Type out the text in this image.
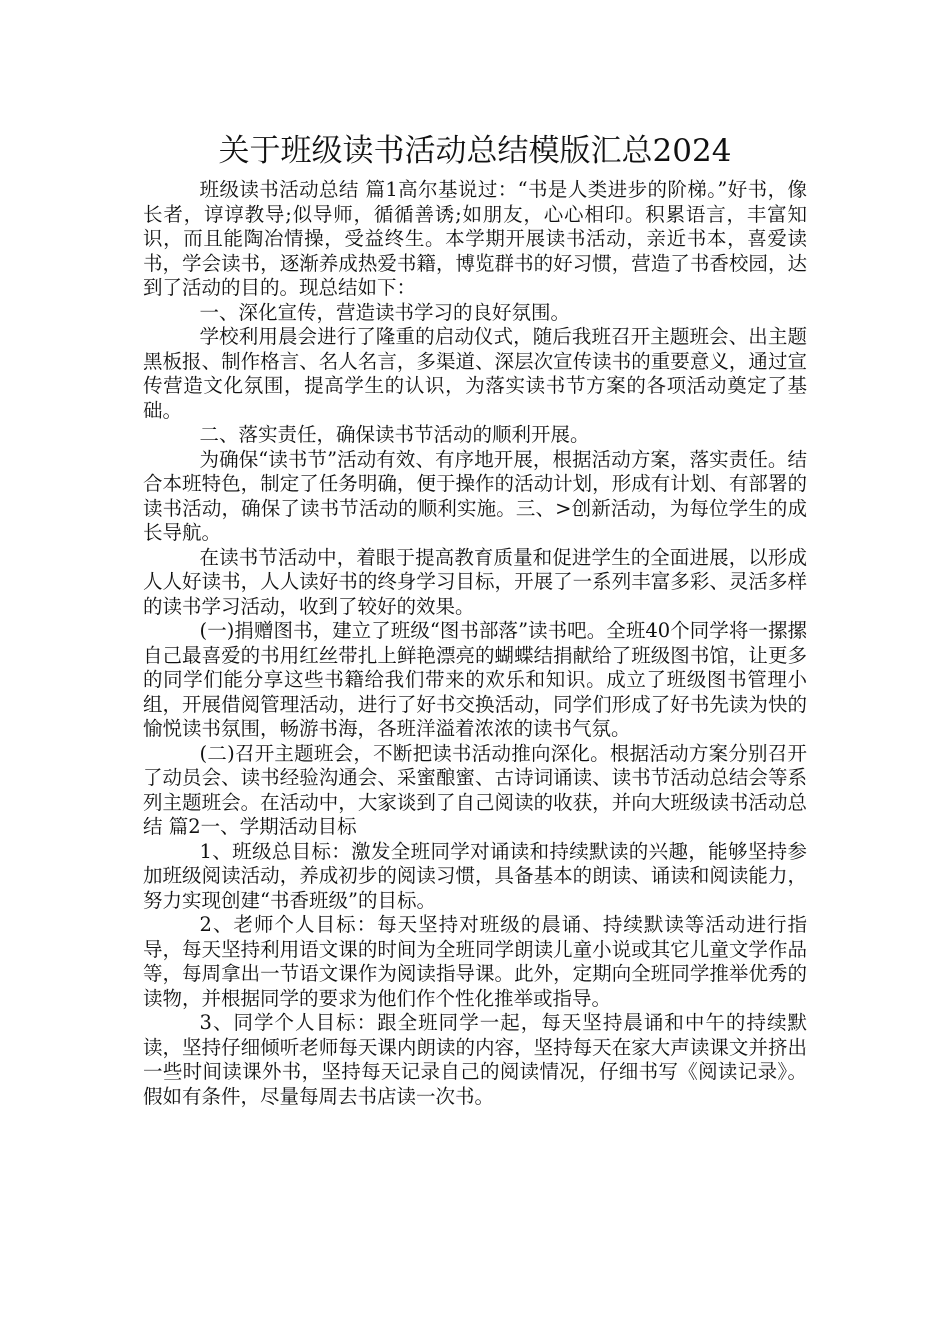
关于班级读书活动总结模版汇总2024

班级读书活动总结 篇1高尔基说过：“书是人类进步的阶梯。”好书，像长者，谆谆教导;似导师，循循善诱;如朋友，心心相印。积累语言，丰富知识，而且能陶冶情操，受益终生。本学期开展读书活动，亲近书本，喜爱读书，学会读书，逐渐养成热爱书籍，博览群书的好习惯，营造了书香校园，达到了活动的目的。现总结如下：

一、深化宣传，营造读书学习的良好氛围。

学校利用晨会进行了隆重的启动仪式，随后我班召开主题班会、出主题黑板报、制作格言、名人名言，多渠道、深层次宣传读书的重要意义，通过宣传营造文化氛围，提高学生的认识，为落实读书节方案的各项活动奠定了基础。

二、落实责任，确保读书节活动的顺利开展。

为确保“读书节”活动有效、有序地开展，根据活动方案，落实责任。结合本班特色，制定了任务明确，便于操作的活动计划，形成有计划、有部署的读书活动，确保了读书节活动的顺利实施。三、>创新活动，为每位学生的成长导航。

在读书节活动中，着眼于提高教育质量和促进学生的全面进展，以形成人人好读书，人人读好书的终身学习目标，开展了一系列丰富多彩、灵活多样的读书学习活动，收到了较好的效果。

(一)捐赠图书，建立了班级“图书部落”读书吧。全班40个同学将一摞摞自己最喜爱的书用红丝带扎上鲜艳漂亮的蝴蝶结捐献给了班级图书馆，让更多的同学们能分享这些书籍给我们带来的欢乐和知识。成立了班级图书管理小组，开展借阅管理活动，进行了好书交换活动，同学们形成了好书先读为快的愉悦读书氛围，畅游书海，各班洋溢着浓浓的读书气氛。

(二)召开主题班会，不断把读书活动推向深化。根据活动方案分别召开了动员会、读书经验沟通会、采蜜酿蜜、古诗词诵读、读书节活动总结会等系列主题班会。在活动中，大家谈到了自己阅读的收获，并向大班级读书活动总结 篇2一、学期活动目标

1、班级总目标：激发全班同学对诵读和持续默读的兴趣，能够坚持参加班级阅读活动，养成初步的阅读习惯，具备基本的朗读、诵读和阅读能力，努力实现创建“书香班级”的目标。

2、老师个人目标：每天坚持对班级的晨诵、持续默读等活动进行指导，每天坚持利用语文课的时间为全班同学朗读儿童小说或其它儿童文学作品等，每周拿出一节语文课作为阅读指导课。此外，定期向全班同学推举优秀的读物，并根据同学的要求为他们作个性化推举或指导。

3、同学个人目标：跟全班同学一起，每天坚持晨诵和中午的持续默读，坚持仔细倾听老师每天课内朗读的内容，坚持每天在家大声读课文并挤出一些时间读课外书，坚持每天记录自己的阅读情况，仔细书写《阅读记录》。假如有条件，尽量每周去书店读一次书。
